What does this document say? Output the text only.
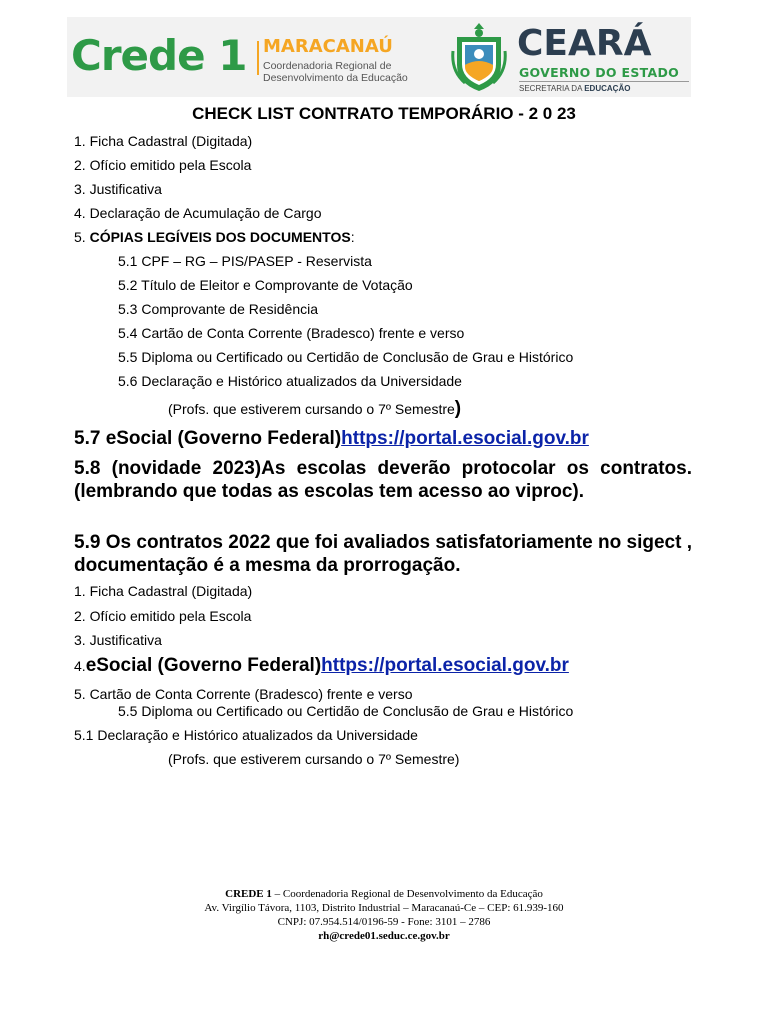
Crede 1 MARACANAÚ
Coordenadoria Regional de
Desenvolvimento da Educação
CEARÁ
GOVERNO DO ESTADO
SECRETARIA DA EDUCAÇÃO
CHECK LIST CONTRATO TEMPORÁRIO - 2 0 23
1. Ficha Cadastral (Digitada)
2. Ofício emitido pela Escola
3. Justificativa
4. Declaração de Acumulação de Cargo
5. CÓPIAS LEGÍVEIS DOS DOCUMENTOS:
5.1 CPF – RG – PIS/PASEP - Reservista
5.2 Título de Eleitor e Comprovante de Votação
5.3 Comprovante de Residência
5.4 Cartão de Conta Corrente (Bradesco) frente e verso
5.5 Diploma ou Certificado ou Certidão de Conclusão de Grau e Histórico
5.6 Declaração e Histórico atualizados da Universidade
(Profs. que estiverem cursando o 7º Semestre)
5.7 eSocial (Governo Federal)https://portal.esocial.gov.br
5.8 (novidade 2023)As escolas deverão protocolar os contratos.(lembrando que todas as escolas tem acesso ao viproc).
5.9 Os contratos 2022 que foi avaliados satisfatoriamente no sigect , documentação é a mesma da prorrogação.
1. Ficha Cadastral (Digitada)
2. Ofício emitido pela Escola
3. Justificativa
4.eSocial (Governo Federal)https://portal.esocial.gov.br
5. Cartão de Conta Corrente (Bradesco) frente e verso
5.5 Diploma ou Certificado ou Certidão de Conclusão de Grau e Histórico
5.1 Declaração e Histórico atualizados da Universidade
(Profs. que estiverem cursando o 7º Semestre)
CREDE 1 – Coordenadoria Regional de Desenvolvimento da Educação
Av. Virgílio Távora, 1103, Distrito Industrial – Maracanaú-Ce – CEP: 61.939-160
CNPJ: 07.954.514/0196-59 - Fone: 3101 – 2786
rh@crede01.seduc.ce.gov.br
